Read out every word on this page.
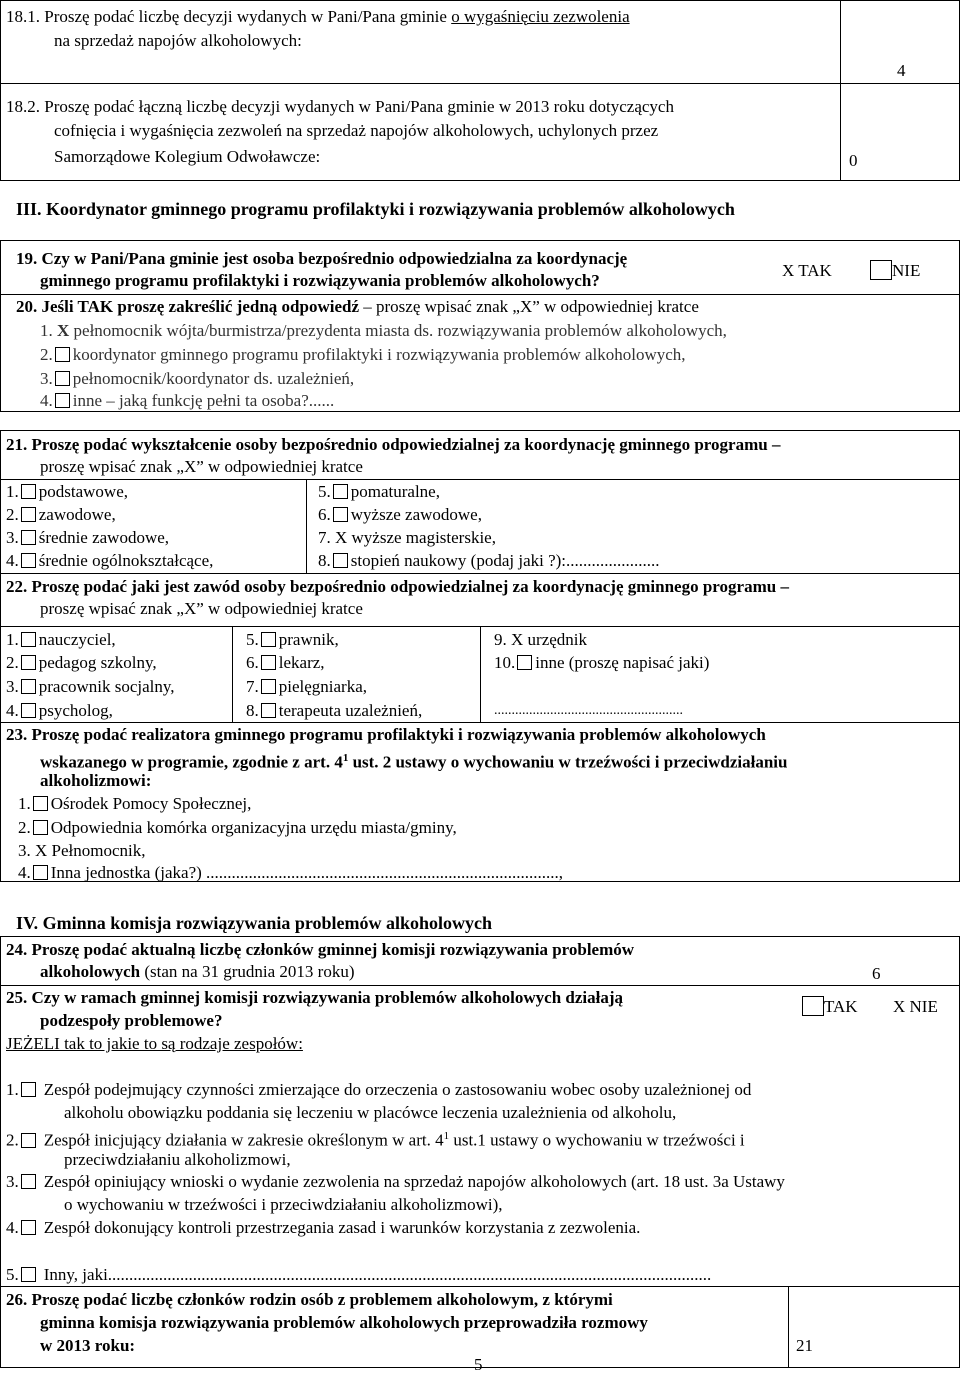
18.1. Proszę podać liczbę decyzji wydanych w Pani/Pana gminie o wygaśnięciu zezwolenia
na sprzedaż napojów alkoholowych:
4
18.2. Proszę podać łączną liczbę decyzji wydanych w Pani/Pana gminie w 2013 roku dotyczących
cofnięcia i wygaśnięcia zezwoleń na sprzedaż napojów alkoholowych, uchylonych przez
Samorządowe Kolegium Odwoławcze:	0
III. Koordynator gminnego programu profilaktyki i rozwiązywania problemów alkoholowych
19. Czy w Pani/Pana gminie jest osoba bezpośrednio odpowiedzialna za koordynację
gminnego programu profilaktyki i rozwiązywania problemów alkoholowych?
X TAK	NIE
20. Jeśli TAK proszę zakreślić jedną odpowiedź – proszę wpisać znak „X” w odpowiedniej kratce
1. X pełnomocnik wójta/burmistrza/prezydenta miasta ds. rozwiązywania problemów alkoholowych,
2. koordynator gminnego programu profilaktyki i rozwiązywania problemów alkoholowych,
3. pełnomocnik/koordynator ds. uzależnień,
4. inne – jaką funkcję pełni ta osoba?......
21. Proszę podać wykształcenie osoby bezpośrednio odpowiedzialnej za koordynację gminnego programu –
proszę wpisać znak „X” w odpowiedniej kratce
1. podstawowe,
2. zawodowe,
3. średnie zawodowe,
4. średnie ogólnokształcące,
5. pomaturalne,
6. wyższe zawodowe,
7. X wyższe magisterskie,
8. stopień naukowy (podaj jaki ?):......................
22. Proszę podać jaki jest zawód osoby bezpośrednio odpowiedzialnej za koordynację gminnego programu –
proszę wpisać znak „X” w odpowiedniej kratce
1. nauczyciel,
2. pedagog szkolny,
3. pracownik socjalny,
4. psycholog,
5. prawnik,
6. lekarz,
7. pielęgniarka,
8. terapeuta uzależnień,
9. X urzędnik
10. inne (proszę napisać jaki)
......................................................
23. Proszę podać realizatora gminnego programu profilaktyki i rozwiązywania problemów alkoholowych
wskazanego w programie, zgodnie z art. $4^1$ ust. 2 ustawy o wychowaniu w trzeźwości i przeciwdziałaniu
alkoholizmowi:
1. Ośrodek Pomocy Społecznej,
2. Odpowiednia komórka organizacyjna urzędu miasta/gminy,
3. X Pełnomocnik,
4. Inna jednostka (jaka?) ...................................................................................,
IV. Gminna komisja rozwiązywania problemów alkoholowych
24. Proszę podać aktualną liczbę członków gminnej komisji rozwiązywania problemów
alkoholowych (stan na 31 grudnia 2013 roku)	6
25. Czy w ramach gminnej komisji rozwiązywania problemów alkoholowych działają
podzespoły problemowe?
TAK X NIE
JEŻELI tak to jakie to są rodzaje zespołów:
1. Zespół podejmujący czynności zmierzające do orzeczenia o zastosowaniu wobec osoby uzależnionej od
alkoholu obowiązku poddania się leczeniu w placówce leczenia uzależnienia od alkoholu,
2. Zespół inicjujący działania w zakresie określonym w art. $4^1$ ust.1 ustawy o wychowaniu w trzeźwości i
przeciwdziałaniu alkoholizmowi,
3. Zespół opiniujący wnioski o wydanie zezwolenia na sprzedaż napojów alkoholowych (art. 18 ust. 3a Ustawy
o wychowaniu w trzeźwości i przeciwdziałaniu alkoholizmowi),
4. Zespół dokonujący kontroli przestrzegania zasad i warunków korzystania z zezwolenia.
5. Inny, jaki..............................................................................................................................................
26. Proszę podać liczbę członków rodzin osób z problemem alkoholowym, z którymi
gminna komisja rozwiązywania problemów alkoholowych przeprowadziła rozmowy
w 2013 roku:	21
5
